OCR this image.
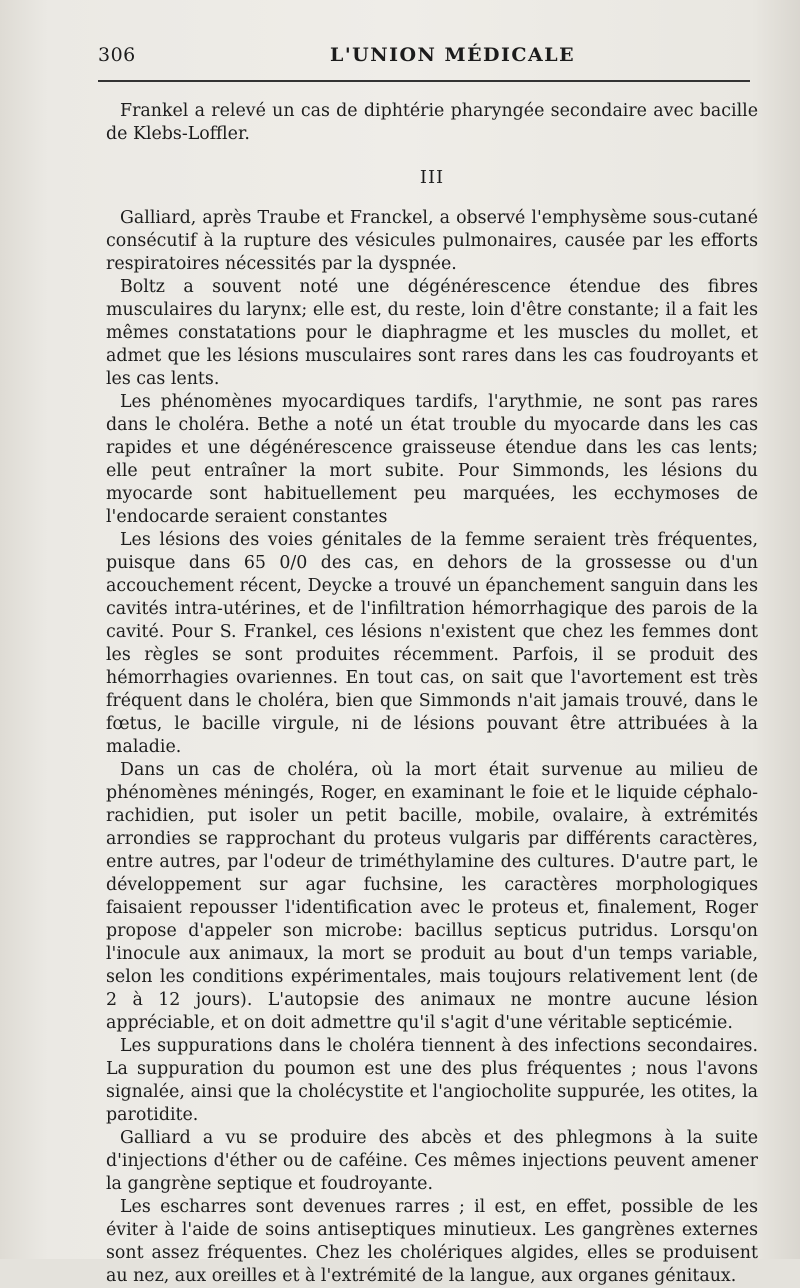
306	L'UNION MÉDICALE

Frankel a relevé un cas de diphtérie pharyngée secondaire avec bacille de Klebs-Loffler.

III

Galliard, après Traube et Franckel, a observé l'emphysème sous-cutané consécutif à la rupture des vésicules pulmonaires, causée par les efforts respiratoires nécessités par la dyspnée.

Boltz a souvent noté une dégénérescence étendue des fibres musculaires du larynx; elle est, du reste, loin d'être constante; il a fait les mêmes constatations pour le diaphragme et les muscles du mollet, et admet que les lésions musculaires sont rares dans les cas foudroyants et les cas lents.

Les phénomènes myocardiques tardifs, l'arythmie, ne sont pas rares dans le choléra. Bethe a noté un état trouble du myocarde dans les cas rapides et une dégénérescence graisseuse étendue dans les cas lents; elle peut entraîner la mort subite. Pour Simmonds, les lésions du myocarde sont habituellement peu marquées, les ecchymoses de l'endocarde seraient constantes

Les lésions des voies génitales de la femme seraient très fréquentes, puisque dans 65 0/0 des cas, en dehors de la grossesse ou d'un accouchement récent, Deycke a trouvé un épanchement sanguin dans les cavités intra-utérines, et de l'infiltration hémorrhagique des parois de la cavité. Pour S. Frankel, ces lésions n'existent que chez les femmes dont les règles se sont produites récemment. Parfois, il se produit des hémorrhagies ovariennes. En tout cas, on sait que l'avortement est très fréquent dans le choléra, bien que Simmonds n'ait jamais trouvé, dans le fœtus, le bacille virgule, ni de lésions pouvant être attribuées à la maladie.

Dans un cas de choléra, où la mort était survenue au milieu de phénomènes méningés, Roger, en examinant le foie et le liquide céphalo-rachidien, put isoler un petit bacille, mobile, ovalaire, à extrémités arrondies se rapprochant du proteus vulgaris par différents caractères, entre autres, par l'odeur de triméthylamine des cultures. D'autre part, le développement sur agar fuchsine, les caractères morphologiques faisaient repousser l'identification avec le proteus et, finalement, Roger propose d'appeler son microbe: bacillus septicus putridus. Lorsqu'on l'inocule aux animaux, la mort se produit au bout d'un temps variable, selon les conditions expérimentales, mais toujours relativement lent (de 2 à 12 jours). L'autopsie des animaux ne montre aucune lésion appréciable, et on doit admettre qu'il s'agit d'une véritable septicémie.

Les suppurations dans le choléra tiennent à des infections secondaires. La suppuration du poumon est une des plus fréquentes ; nous l'avons signalée, ainsi que la cholécystite et l'angiocholite suppurée, les otites, la parotidite.

Galliard a vu se produire des abcès et des phlegmons à la suite d'injections d'éther ou de caféine. Ces mêmes injections peuvent amener la gangrène septique et foudroyante.

Les escharres sont devenues rarres ; il est, en effet, possible de les éviter à l'aide de soins antiseptiques minutieux. Les gangrènes externes sont assez fréquentes. Chez les cholériques algides, elles se produisent au nez, aux oreilles et à l'extrémité de la langue, aux organes génitaux.
